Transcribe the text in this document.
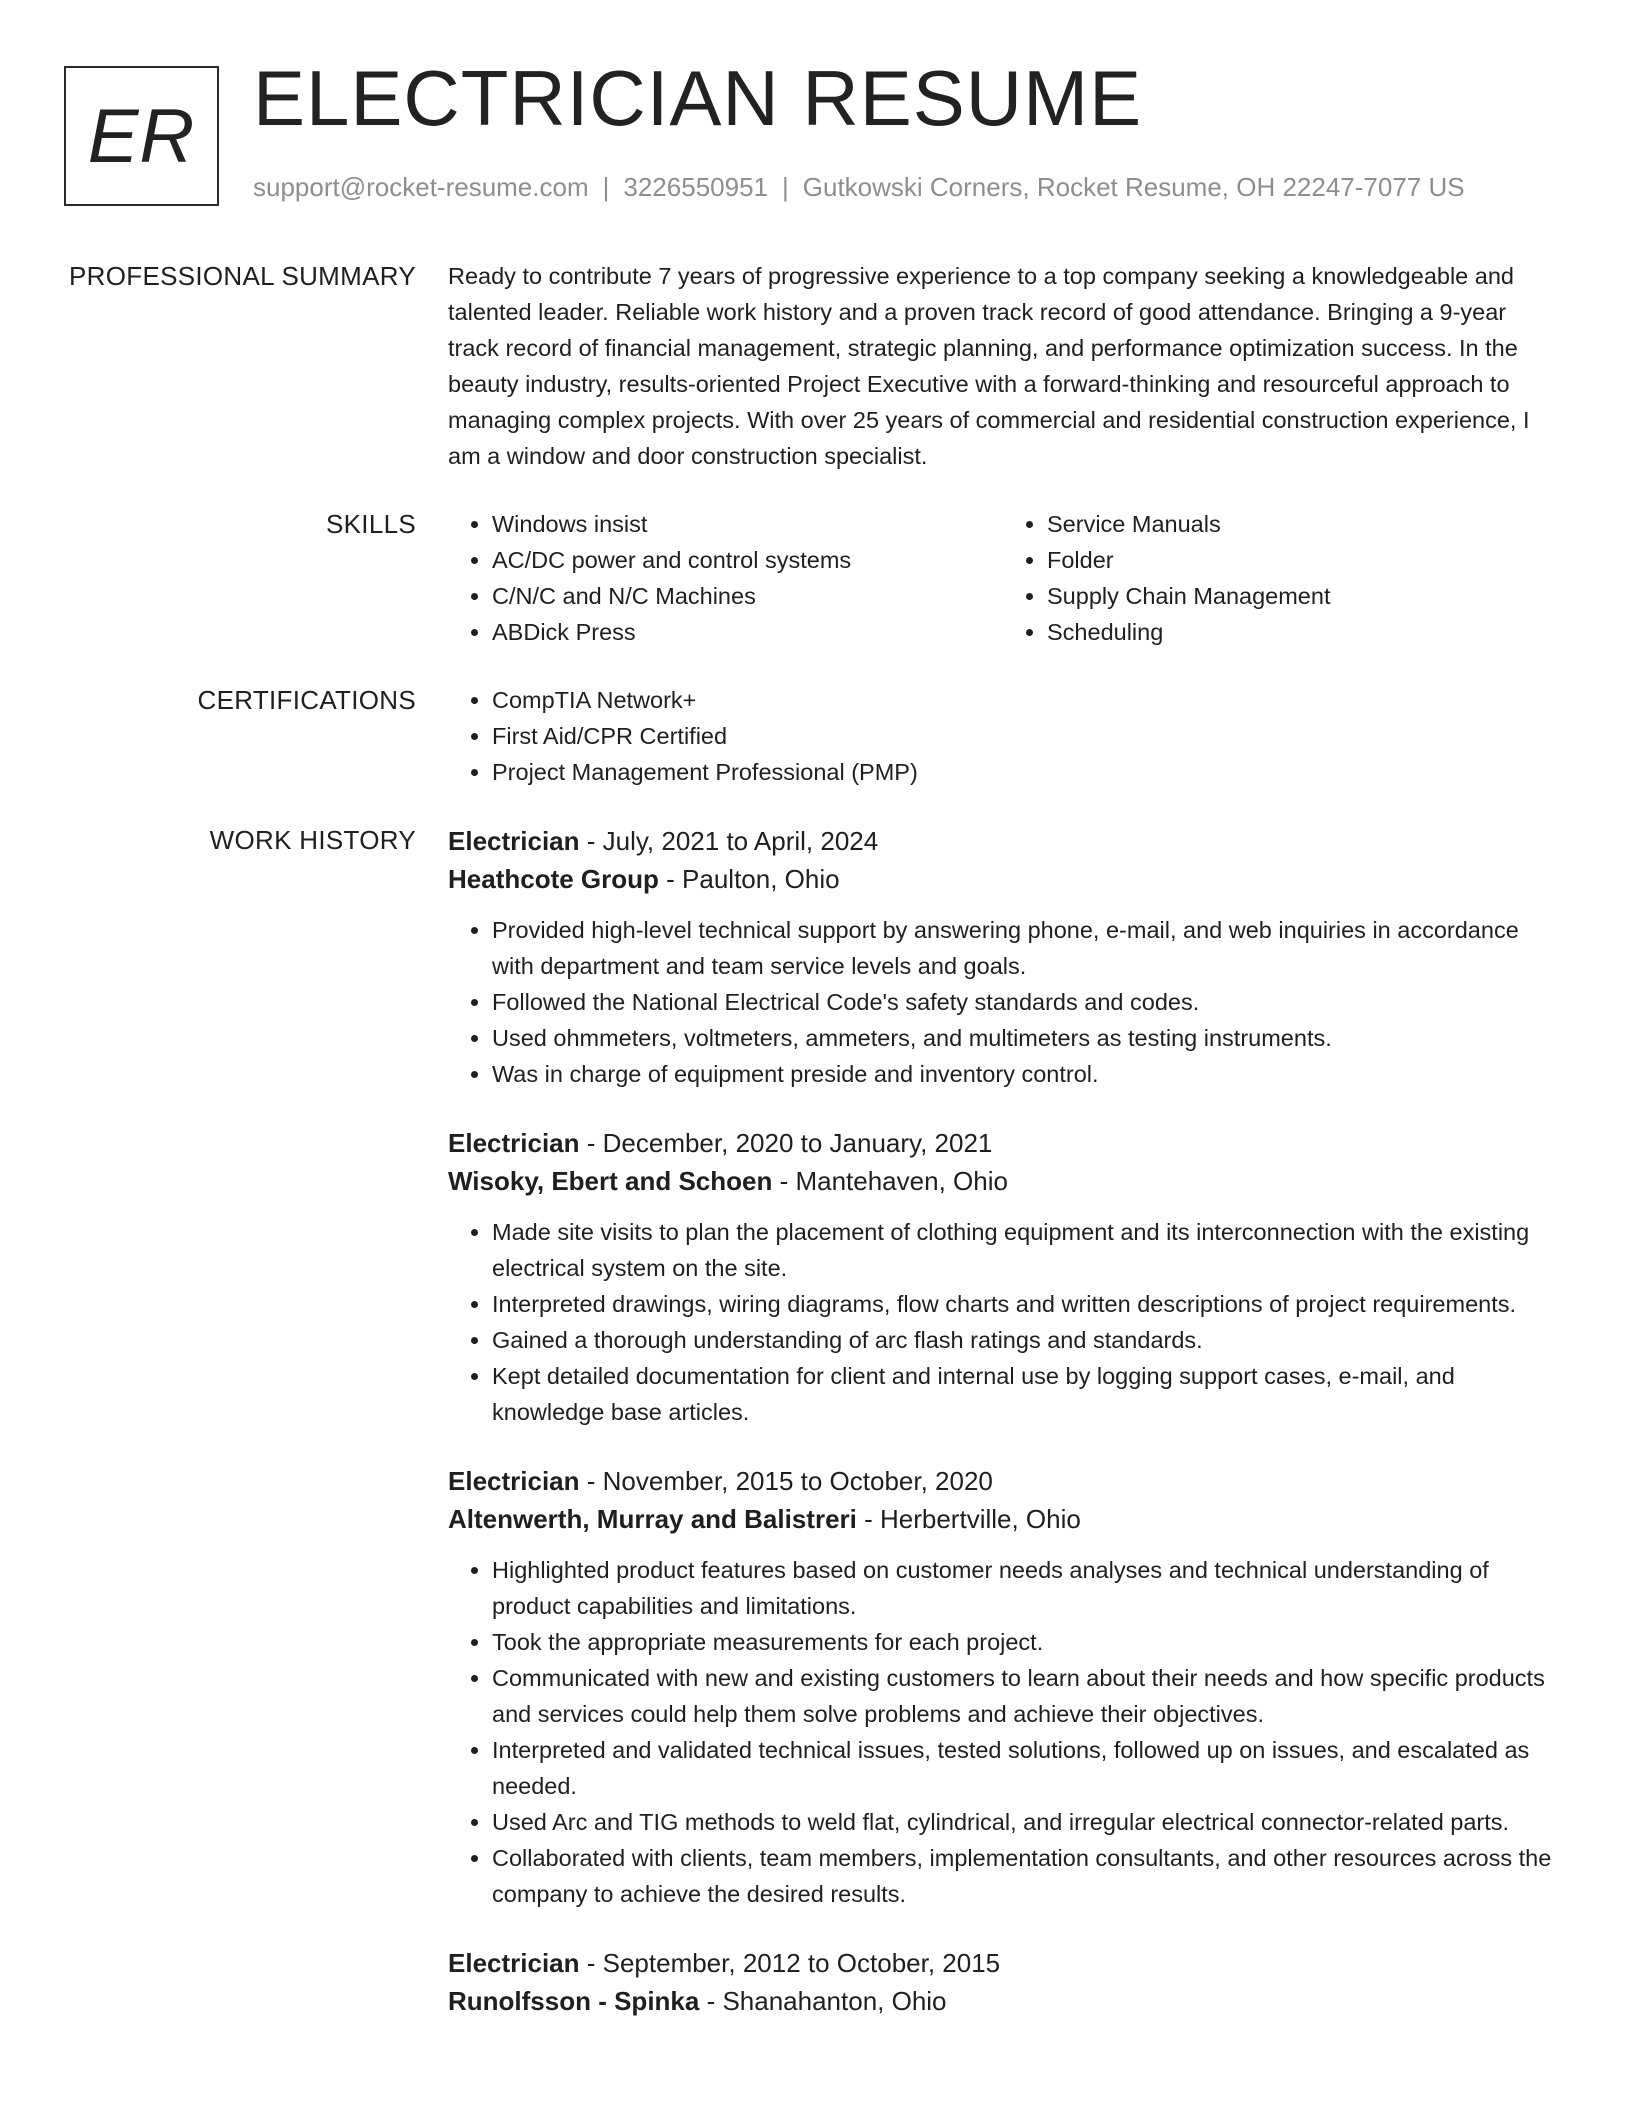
ER ELECTRICIAN RESUME
support@rocket-resume.com | 3226550951 | Gutkowski Corners, Rocket Resume, OH 22247-7077 US
PROFESSIONAL SUMMARY Ready to contribute 7 years of progressive experience to a top company seeking a knowledgeable and talented leader. Reliable work history and a proven track record of good attendance. Bringing a 9-year track record of financial management, strategic planning, and performance optimization success. In the beauty industry, results-oriented Project Executive with a forward-thinking and resourceful approach to managing complex projects. With over 25 years of commercial and residential construction experience, I am a window and door construction specialist.

SKILLS	• Windows insist
• AC/DC power and control systems
• C/N/C and N/C Machines
• ABDick Press
• Service Manuals
• Folder
• Supply Chain Management
• Scheduling
CERTIFICATIONS	• CompTIA Network+
• First Aid/CPR Certified
• Project Management Professional (PMP)
WORK HISTORY Electrician - July, 2021 to April, 2024
Heathcote Group - Paulton, Ohio
• Provided high-level technical support by answering phone, e-mail, and web inquiries in accordance with department and team service levels and goals.
• Followed the National Electrical Code's safety standards and codes.
• Used ohmmeters, voltmeters, ammeters, and multimeters as testing instruments.
• Was in charge of equipment preside and inventory control.
Electrician - December, 2020 to January, 2021
Wisoky, Ebert and Schoen - Mantehaven, Ohio
• Made site visits to plan the placement of clothing equipment and its interconnection with the existing electrical system on the site.
• Interpreted drawings, wiring diagrams, flow charts and written descriptions of project requirements.
• Gained a thorough understanding of arc flash ratings and standards.
• Kept detailed documentation for client and internal use by logging support cases, e-mail, and knowledge base articles.
Electrician - November, 2015 to October, 2020
Altenwerth, Murray and Balistreri - Herbertville, Ohio
• Highlighted product features based on customer needs analyses and technical understanding of product capabilities and limitations.
• Took the appropriate measurements for each project.
• Communicated with new and existing customers to learn about their needs and how specific products and services could help them solve problems and achieve their objectives.
• Interpreted and validated technical issues, tested solutions, followed up on issues, and escalated as needed.
• Used Arc and TIG methods to weld flat, cylindrical, and irregular electrical connector-related parts.
• Collaborated with clients, team members, implementation consultants, and other resources across the company to achieve the desired results.
Electrician - September, 2012 to October, 2015
Runolfsson - Spinka - Shanahanton, Ohio
